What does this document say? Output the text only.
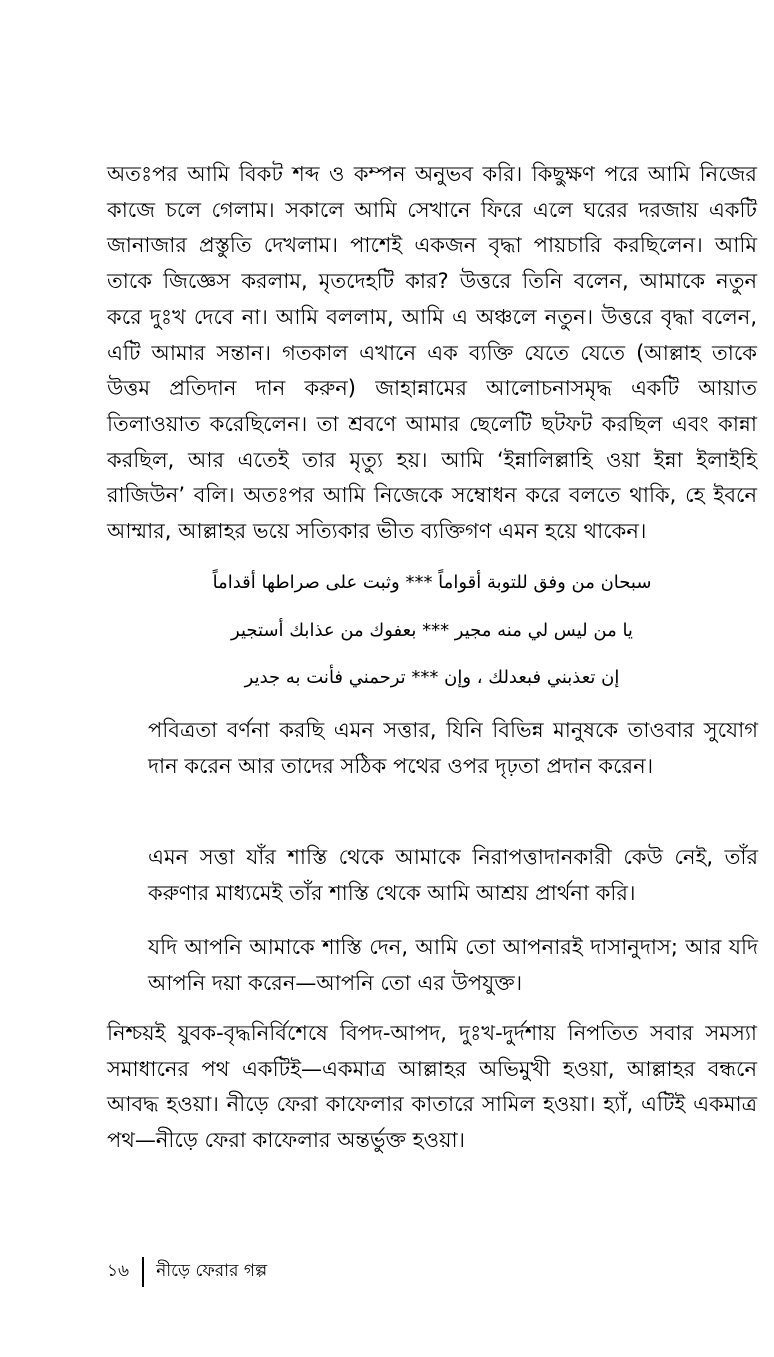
অতঃপর আমি বিকট শব্দ ও কম্পন অনুভব করি। কিছুক্ষণ পরে আমি নিজের কাজে চলে গেলাম। সকালে আমি সেখানে ফিরে এলে ঘরের দরজায় একটি জানাজার প্রস্তুতি দেখলাম। পাশেই একজন বৃদ্ধা পায়চারি করছিলেন। আমি তাকে জিজ্ঞেস করলাম, মৃতদেহটি কার? উত্তরে তিনি বলেন, আমাকে নতুন করে দুঃখ দেবে না। আমি বললাম, আমি এ অঞ্চলে নতুন। উত্তরে বৃদ্ধা বলেন, এটি আমার সন্তান। গতকাল এখানে এক ব্যক্তি যেতে যেতে (আল্লাহ তাকে উত্তম প্রতিদান দান করুন) জাহান্নামের আলোচনাসমৃদ্ধ একটি আয়াত তিলাওয়াত করেছিলেন। তা শ্রবণে আমার ছেলেটি ছটফট করছিল এবং কান্না করছিল, আর এতেই তার মৃত্যু হয়। আমি ‘ইন্নালিল্লাহি ওয়া ইন্না ইলাইহি রাজিউন’ বলি। অতঃপর আমি নিজেকে সম্বোধন করে বলতে থাকি, হে ইবনে আম্মার, আল্লাহর ভয়ে সত্যিকার ভীত ব্যক্তিগণ এমন হয়ে থাকেন।

سبحان من وفق للتوبة أقواماً *** وثبت على صراطها أقداماً

يا من ليس لي منه مجير *** بعفوك من عذابك أستجير

إن تعذبني فبعدلك ، وإن *** ترحمني فأنت به جدير

পবিত্রতা বর্ণনা করছি এমন সত্তার, যিনি বিভিন্ন মানুষকে তাওবার সুযোগ দান করেন আর তাদের সঠিক পথের ওপর দৃঢ়তা প্রদান করেন।

এমন সত্তা যাঁর শাস্তি থেকে আমাকে নিরাপত্তাদানকারী কেউ নেই, তাঁর করুণার মাধ্যমেই তাঁর শাস্তি থেকে আমি আশ্রয় প্রার্থনা করি।

যদি আপনি আমাকে শাস্তি দেন, আমি তো আপনারই দাসানুদাস; আর যদি আপনি দয়া করেন—আপনি তো এর উপযুক্ত।

নিশ্চয়ই যুবক-বৃদ্ধনির্বিশেষে বিপদ-আপদ, দুঃখ-দুর্দশায় নিপতিত সবার সমস্যা সমাধানের পথ একটিই—একমাত্র আল্লাহর অভিমুখী হওয়া, আল্লাহর বন্ধনে আবদ্ধ হওয়া। নীড়ে ফেরা কাফেলার কাতারে সামিল হওয়া। হ্যাঁ, এটিই একমাত্র পথ—নীড়ে ফেরা কাফেলার অন্তর্ভুক্ত হওয়া।

১৬	নীড়ে ফেরার গল্প
